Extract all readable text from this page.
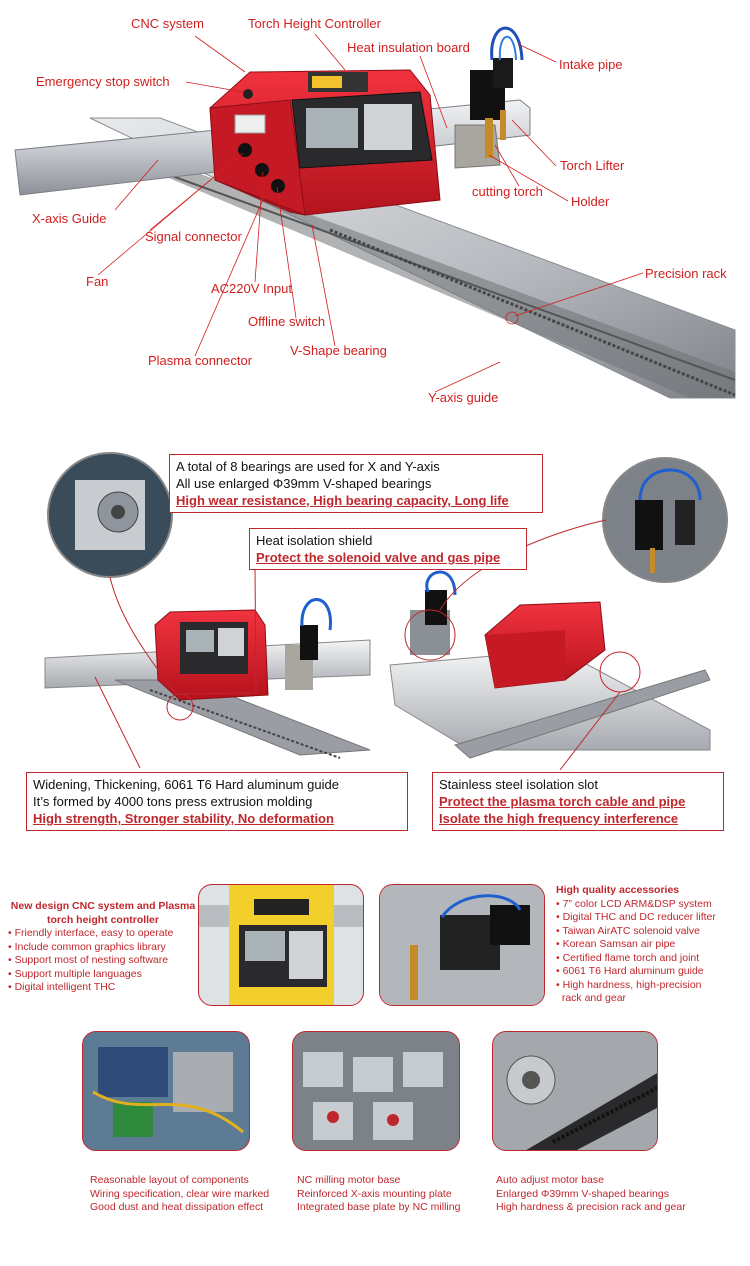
CNC system	Torch Height Controller
Heat insulation board
Intake pipe
Emergency stop switch
Torch Lifter
cutting torch
Holder
X-axis Guide
Signal connector
Fan	AC220V Input
Precision rack
Offline switch
Plasma connector
V-Shape bearing
Y-axis guide
A total of 8 bearings are used for X and Y-axis
All use enlarged Φ39mm V-shaped bearings
High wear resistance, High bearing capacity, Long life
Heat isolation shield
Protect the solenoid valve and gas pipe
Widening, Thickening, 6061 T6 Hard aluminum guide
It’s formed by 4000 tons press extrusion molding
High strength, Stronger stability, No deformation
Stainless steel isolation slot
Protect the plasma torch cable and pipe
Isolate the high frequency interference
New design CNC system and Plasma torch height controller
• Friendly interface, easy to operate
• Include common graphics library
• Support most of nesting software
• Support multiple languages
• Digital intelligent THC
High quality accessories
• 7” color LCD ARM&DSP system
• Digital THC and DC reducer lifter
• Taiwan AirATC solenoid valve
• Korean Samsan air pipe
• Certified flame torch and joint
• 6061 T6 Hard aluminum guide
• High hardness, high-precision
rack and gear
Reasonable layout of components
Wiring specification, clear wire marked
Good dust and heat dissipation effect
NC milling motor base
Reinforced X-axis mounting plate
Integrated base plate by NC milling
Auto adjust motor base
Enlarged Φ39mm V-shaped bearings
High hardness & precision rack and gear
